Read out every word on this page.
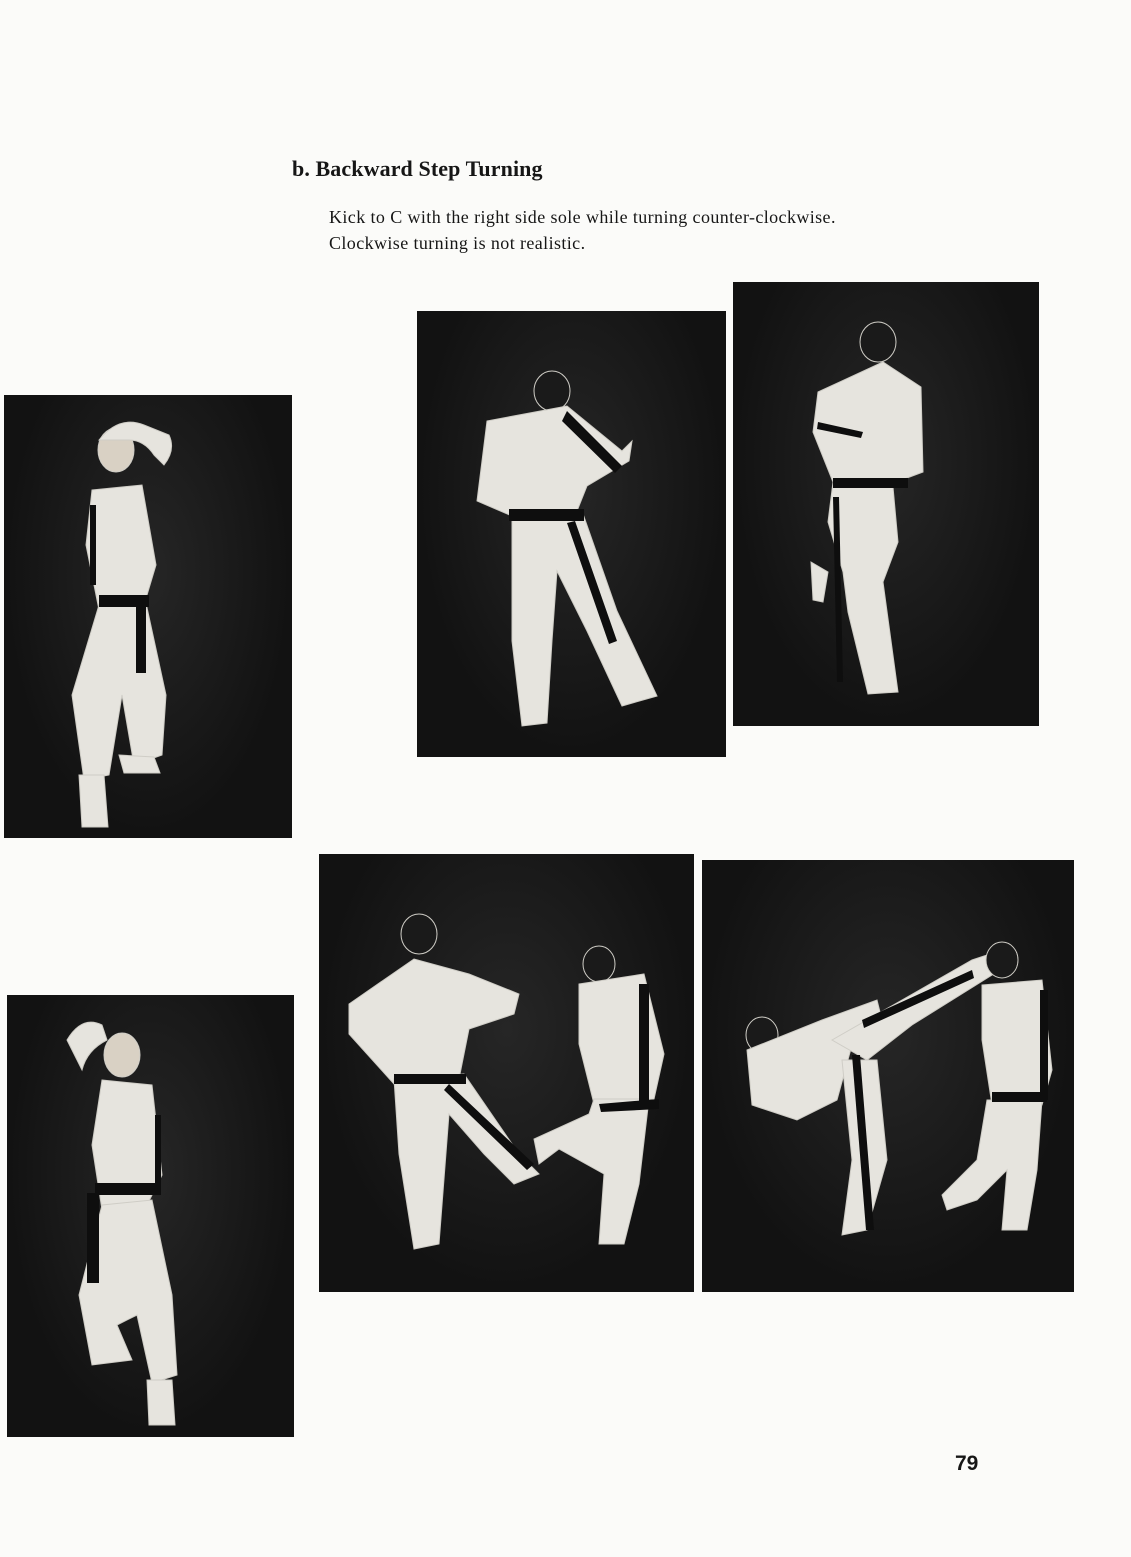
b. Backward Step Turning
Kick to C with the right side sole while turning counter-clockwise.
Clockwise turning is not realistic.
79
